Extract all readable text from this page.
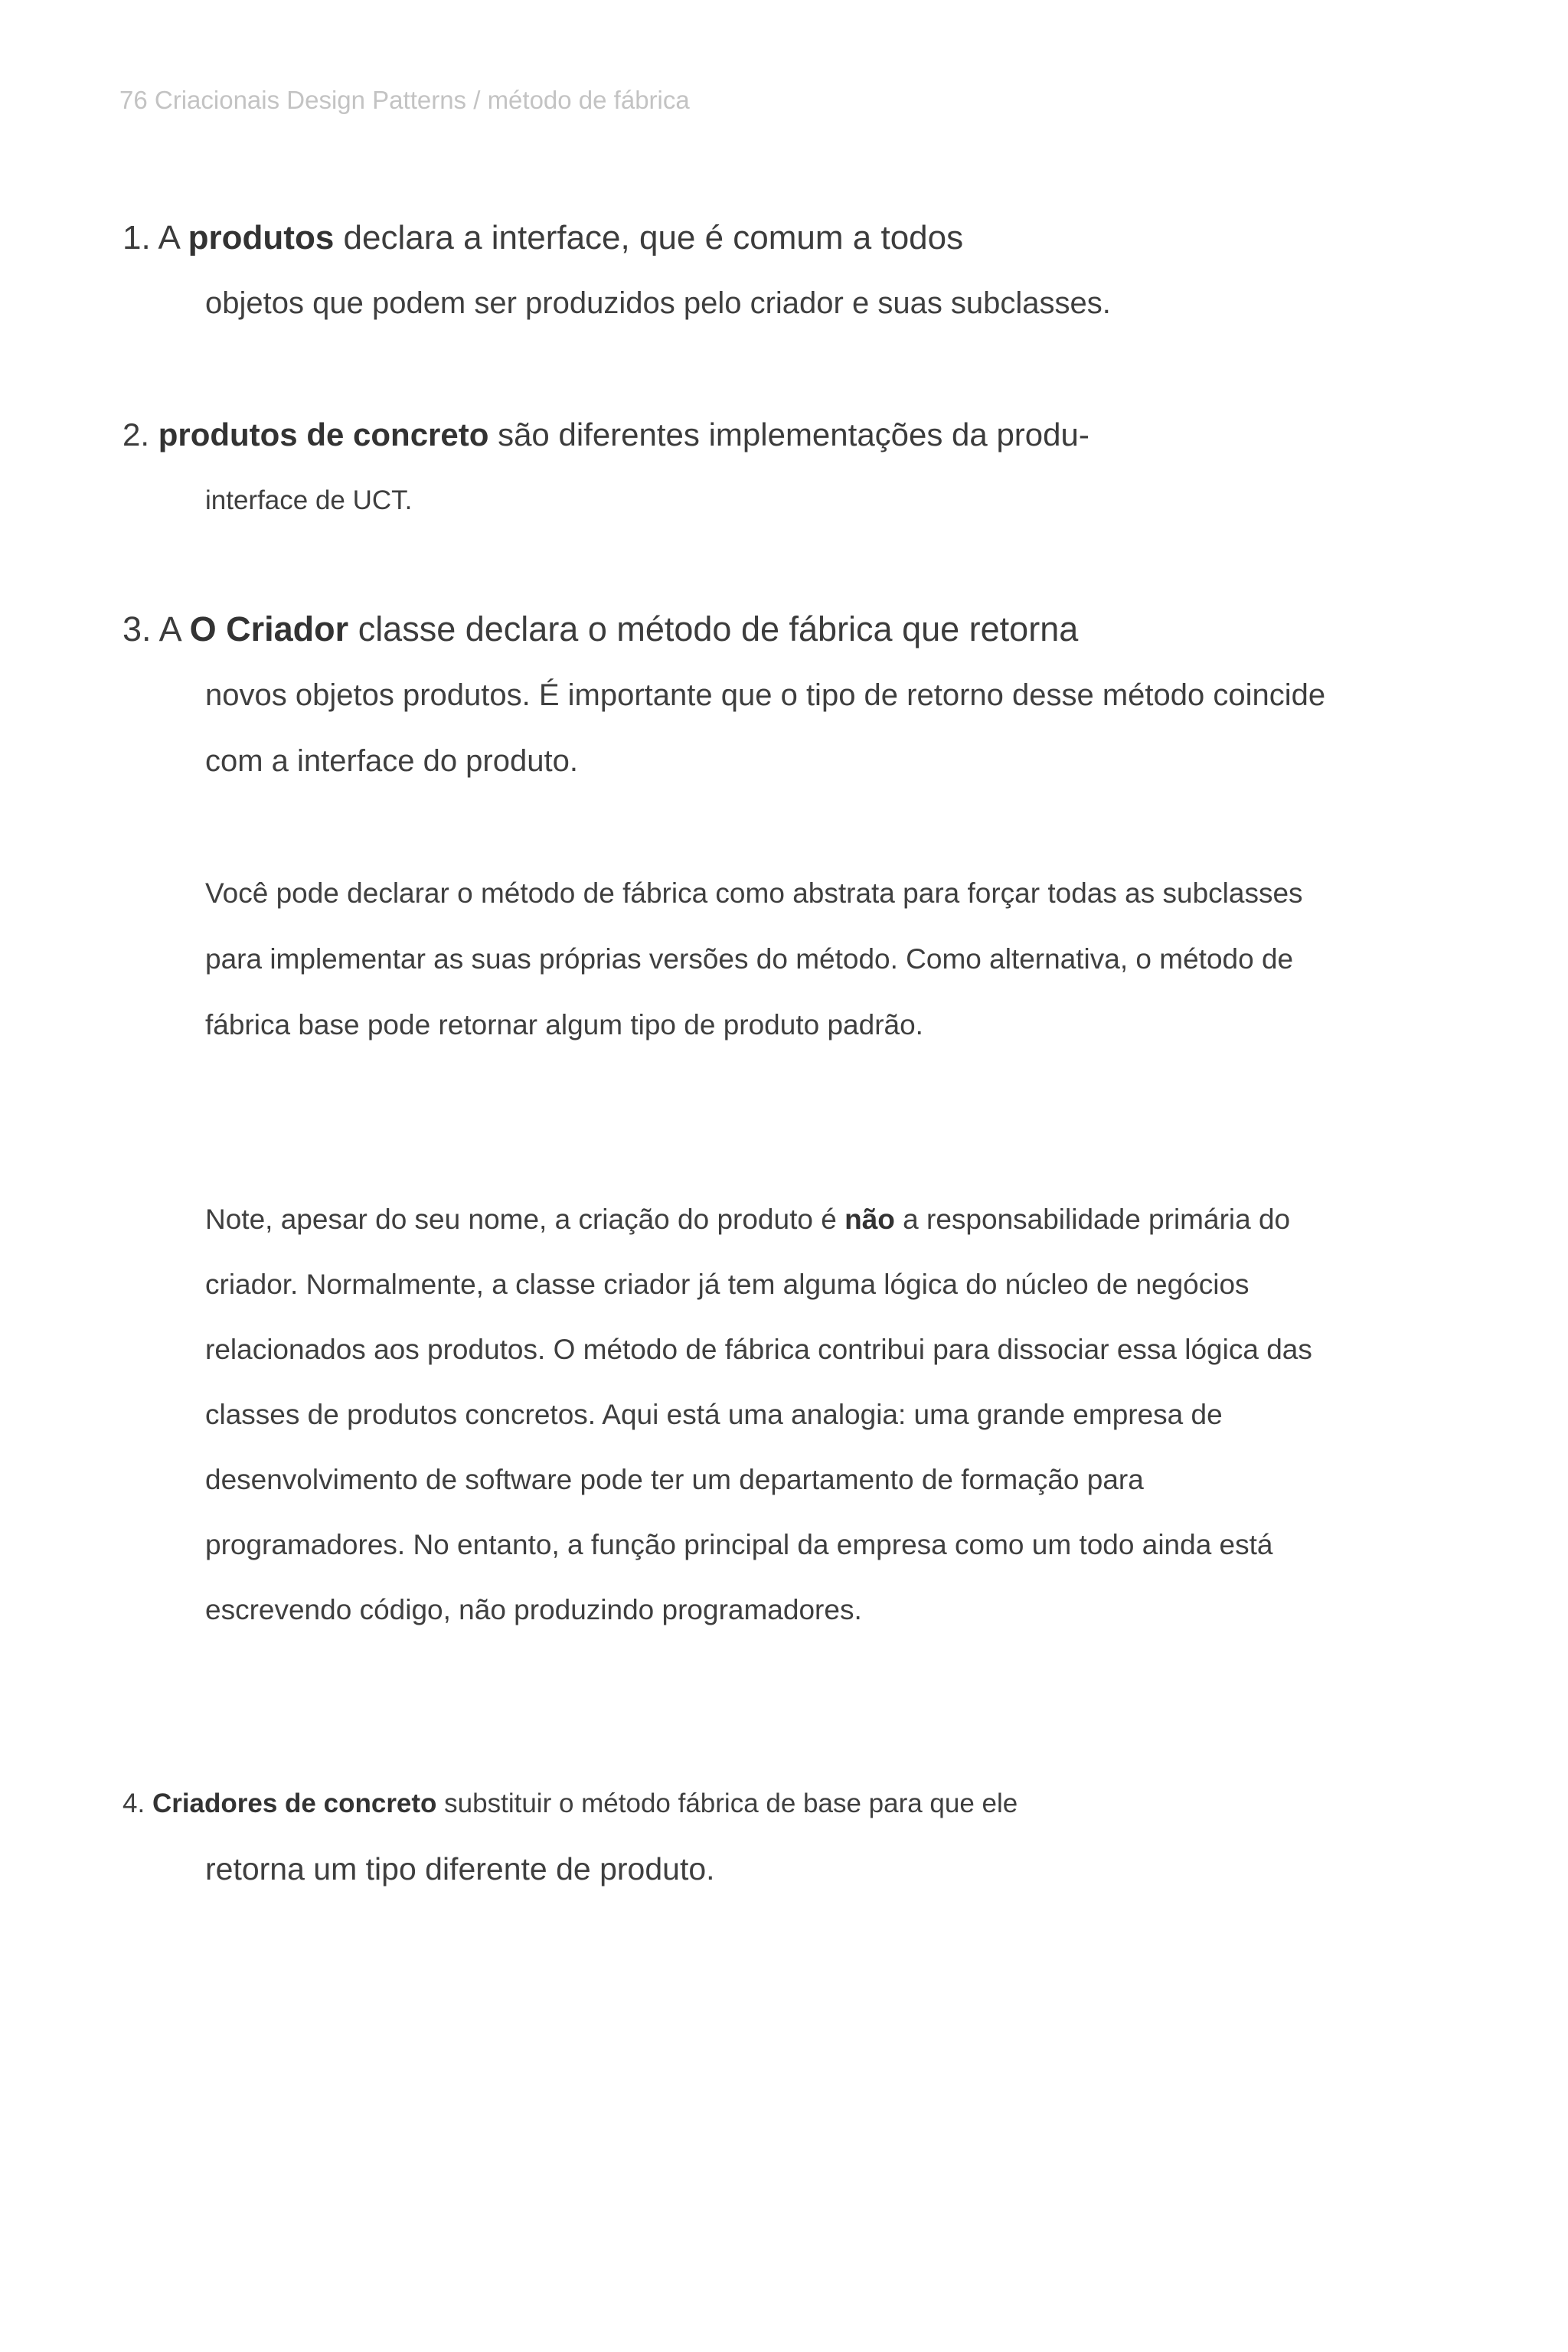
76 Criacionais Design Patterns / método de fábrica
1. A produtos declara a interface, que é comum a todos
objetos que podem ser produzidos pelo criador e suas subclasses.
2. produtos de concreto são diferentes implementações da produ-
interface de UCT.
3. A O Criador classe declara o método de fábrica que retorna
novos objetos produtos. É importante que o tipo de retorno desse método coincide
com a interface do produto.
Você pode declarar o método de fábrica como abstrata para forçar todas as subclasses
para implementar as suas próprias versões do método. Como alternativa, o método de
fábrica base pode retornar algum tipo de produto padrão.
Note, apesar do seu nome, a criação do produto é não a responsabilidade primária do
criador. Normalmente, a classe criador já tem alguma lógica do núcleo de negócios
relacionados aos produtos. O método de fábrica contribui para dissociar essa lógica das
classes de produtos concretos. Aqui está uma analogia: uma grande empresa de
desenvolvimento de software pode ter um departamento de formação para
programadores. No entanto, a função principal da empresa como um todo ainda está
escrevendo código, não produzindo programadores.
4. Criadores de concreto substituir o método fábrica de base para que ele
retorna um tipo diferente de produto.
